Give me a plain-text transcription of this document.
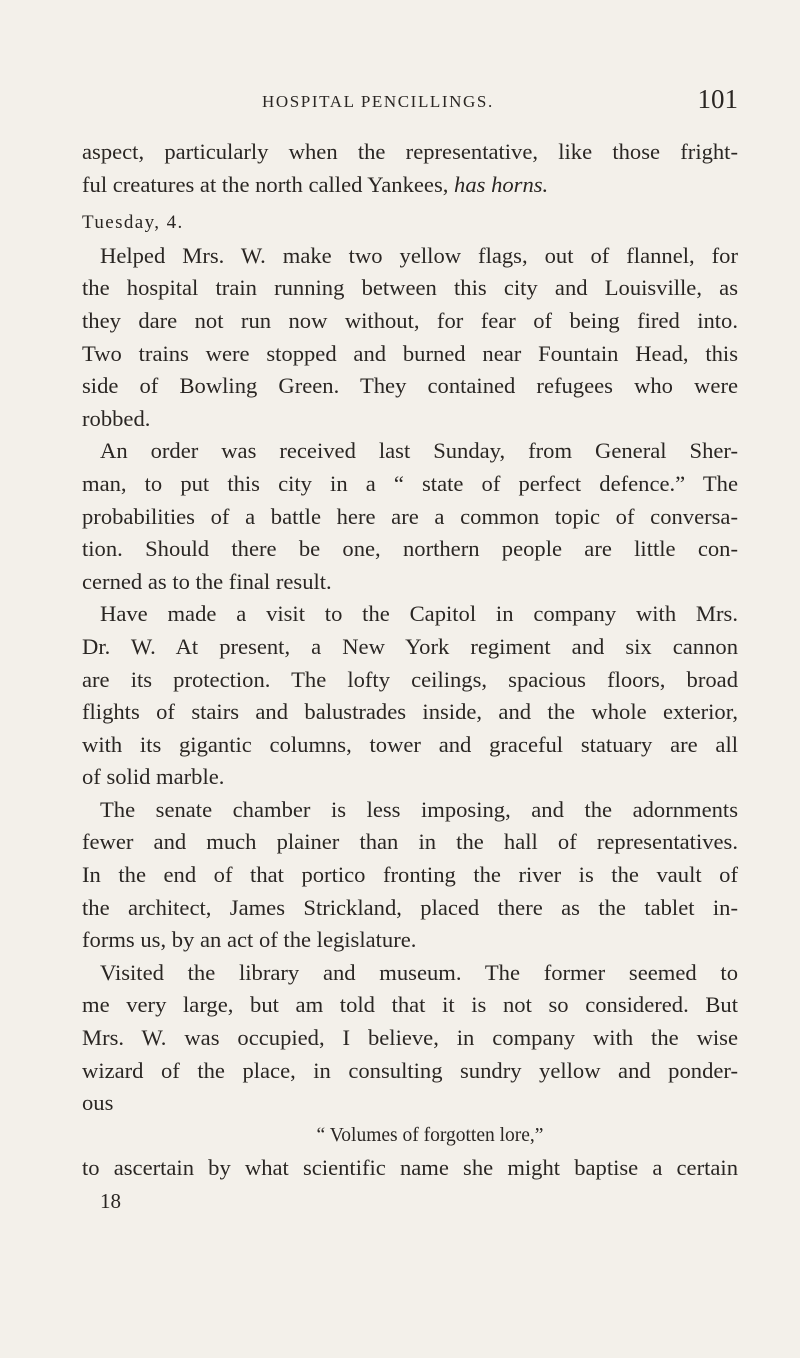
HOSPITAL PENCILLINGS.	101
aspect, particularly when the representative, like those fright-
ful creatures at the north called Yankees, has horns.
Tuesday, 4.
Helped Mrs. W. make two yellow flags, out of flannel, for
the hospital train running between this city and Louisville, as
they dare not run now without, for fear of being fired into.
Two trains were stopped and burned near Fountain Head, this
side of Bowling Green. They contained refugees who were
robbed.
An order was received last Sunday, from General Sher-
man, to put this city in a “ state of perfect defence.” The
probabilities of a battle here are a common topic of conversa-
tion. Should there be one, northern people are little con-
cerned as to the final result.
Have made a visit to the Capitol in company with Mrs.
Dr. W. At present, a New York regiment and six cannon
are its protection. The lofty ceilings, spacious floors, broad
flights of stairs and balustrades inside, and the whole exterior,
with its gigantic columns, tower and graceful statuary are all
of solid marble.
The senate chamber is less imposing, and the adornments
fewer and much plainer than in the hall of representatives.
In the end of that portico fronting the river is the vault of
the architect, James Strickland, placed there as the tablet in-
forms us, by an act of the legislature.
Visited the library and museum. The former seemed to
me very large, but am told that it is not so considered. But
Mrs. W. was occupied, I believe, in company with the wise
wizard of the place, in consulting sundry yellow and ponder-
ous
“ Volumes of forgotten lore,”
to ascertain by what scientific name she might baptise a certain
18
